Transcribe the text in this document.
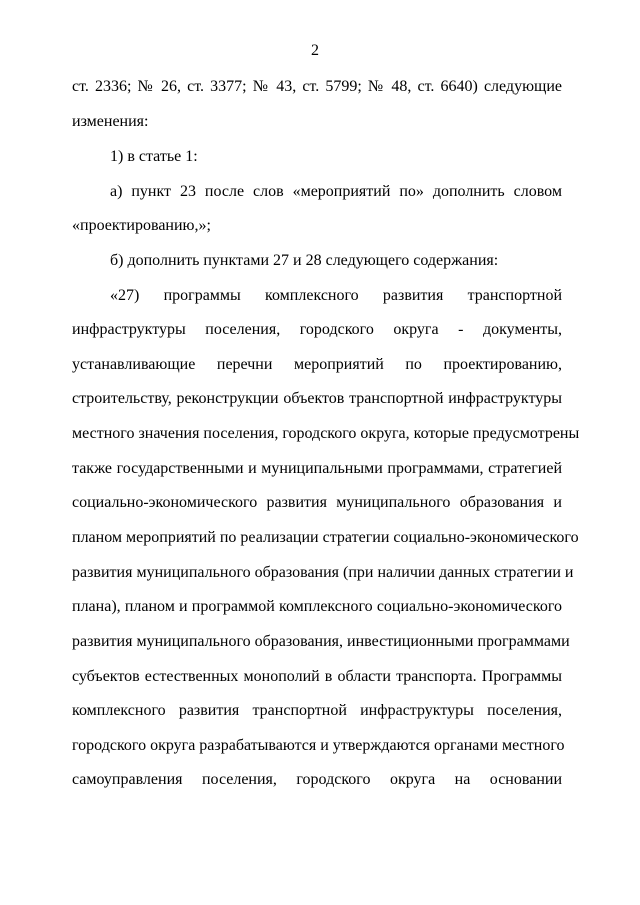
2
ст. 2336; № 26, ст. 3377; № 43, ст. 5799; № 48, ст. 6640) следующие
изменения:
1) в статье 1:
а) пункт 23 после слов «мероприятий по» дополнить словом
«проектированию,»;
б) дополнить пунктами 27 и 28 следующего содержания:
«27) программы комплексного развития транспортной
инфраструктуры поселения, городского округа - документы,
устанавливающие перечни мероприятий по проектированию,
строительству, реконструкции объектов транспортной инфраструктуры
местного значения поселения, городского округа, которые предусмотрены
также государственными и муниципальными программами, стратегией
социально-экономического развития муниципального образования и
планом мероприятий по реализации стратегии социально-экономического
развития муниципального образования (при наличии данных стратегии и
плана), планом и программой комплексного социально-экономического
развития муниципального образования, инвестиционными программами
субъектов естественных монополий в области транспорта. Программы
комплексного развития транспортной инфраструктуры поселения,
городского округа разрабатываются и утверждаются органами местного
самоуправления поселения, городского округа на основании
